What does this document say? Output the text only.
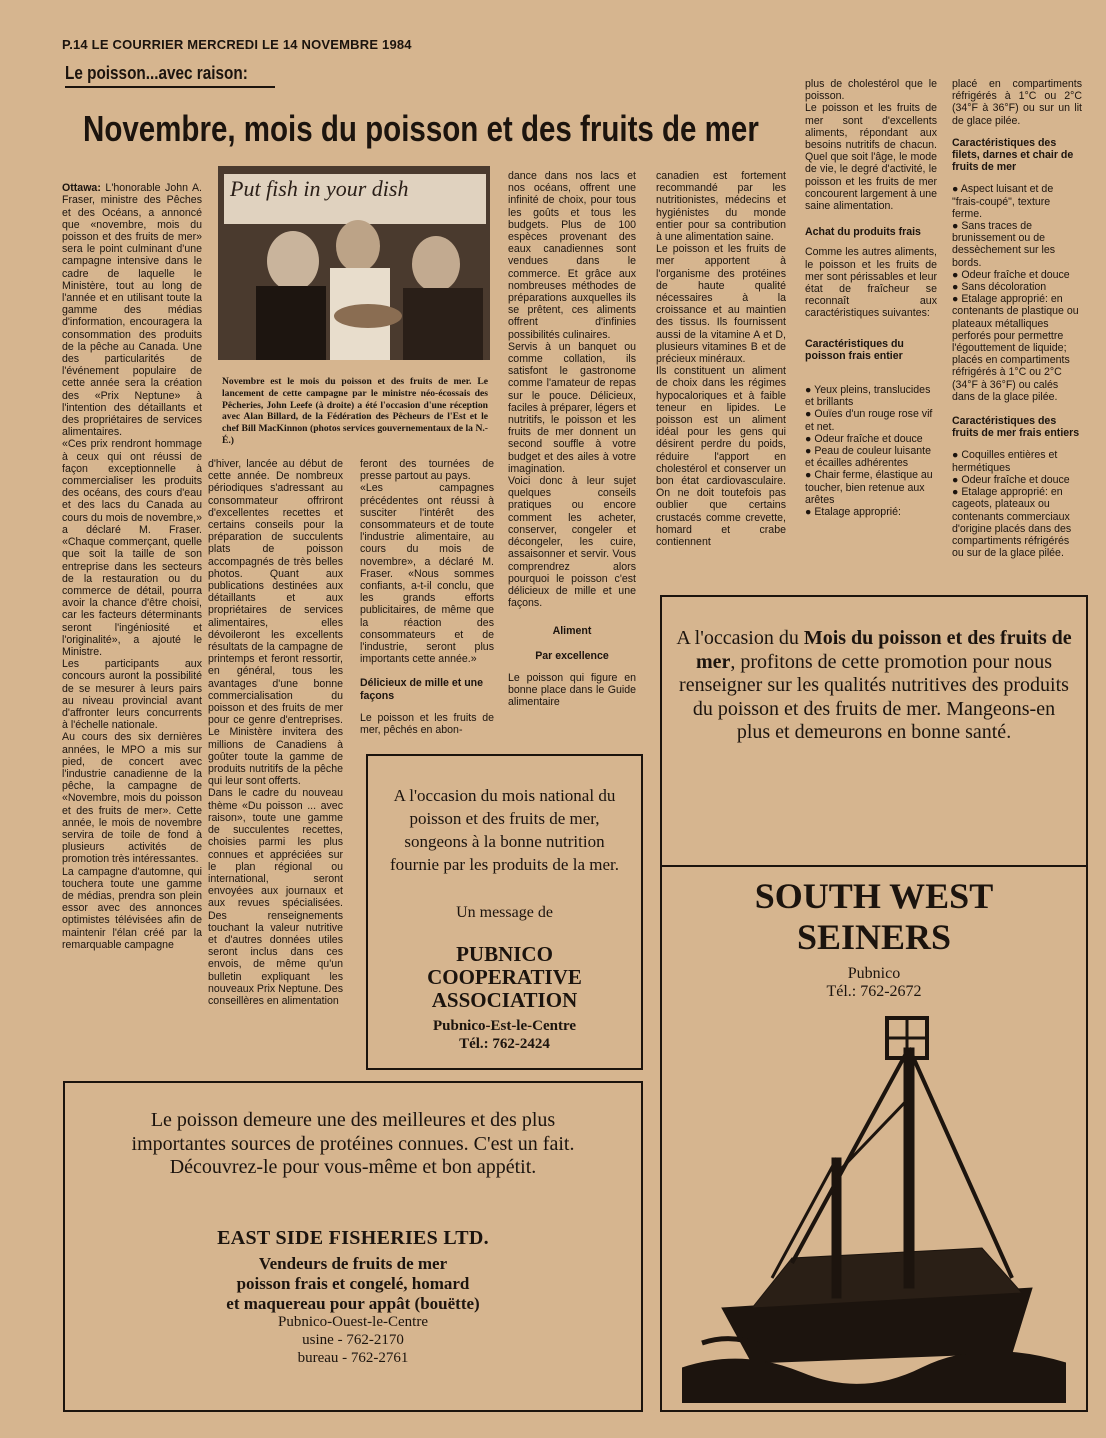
P.14 LE COURRIER MERCREDI LE 14 NOVEMBRE 1984
Le poisson...avec raison:
Novembre, mois du poisson et des fruits de mer
Put fish in your dish
Novembre est le mois du poisson et des fruits de mer. Le lancement de cette campagne par le ministre néo-écossais des Pêcheries, John Leefe (à droite) a été l'occasion d'une réception avec Alan Billard, de la Fédération des Pêcheurs de l'Est et le chef Bill MacKinnon (photos services gouvernementaux de la N.-É.)

Ottawa: L'honorable John A. Fraser, ministre des Pêches et des Océans, a annoncé que «novembre, mois du poisson et des fruits de mer» sera le point culminant d'une campagne intensive dans le cadre de laquelle le Ministère, tout au long de l'année et en utilisant toute la gamme des médias d'information, encouragera la consommation des produits de la pêche au Canada. Une des particularités de l'événement populaire de cette année sera la création des «Prix Neptune» à l'intention des détaillants et des propriétaires de services alimentaires.
«Ces prix rendront hommage à ceux qui ont réussi de façon exceptionnelle à commercialiser les produits des océans, des cours d'eau et des lacs du Canada au cours du mois de novembre,» a déclaré M. Fraser. «Chaque commerçant, quelle que soit la taille de son entreprise dans les secteurs de la restauration ou du commerce de détail, pourra avoir la chance d'être choisi, car les facteurs déterminants seront l'ingéniosité et l'originalité», a ajouté le Ministre.
Les participants aux concours auront la possibilité de se mesurer à leurs pairs au niveau provincial avant d'affronter leurs concurrents à l'échelle nationale.
Au cours des six dernières années, le MPO a mis sur pied, de concert avec l'industrie canadienne de la pêche, la campagne de «Novembre, mois du poisson et des fruits de mer». Cette année, le mois de novembre servira de toile de fond à plusieurs activités de promotion très intéressantes.
La campagne d'automne, qui touchera toute une gamme de médias, prendra son plein essor avec des annonces optimistes télévisées afin de maintenir l'élan créé par la remarquable campagne

d'hiver, lancée au début de cette année. De nombreux périodiques s'adressant au consommateur offriront d'excellentes recettes et certains conseils pour la préparation de succulents plats de poisson accompagnés de très belles photos. Quant aux publications destinées aux détaillants et aux propriétaires de services alimentaires, elles dévoileront les excellents résultats de la campagne de printemps et feront ressortir, en général, tous les avantages d'une bonne commercialisation du poisson et des fruits de mer pour ce genre d'entreprises. Le Ministère invitera des millions de Canadiens à goûter toute la gamme de produits nutritifs de la pêche qui leur sont offerts.
Dans le cadre du nouveau thème «Du poisson ... avec raison», toute une gamme de succulentes recettes, choisies parmi les plus connues et appréciées sur le plan régional ou international, seront envoyées aux journaux et aux revues spécialisées. Des renseignements touchant la valeur nutritive et d'autres données utiles seront inclus dans ces envois, de même qu'un bulletin expliquant les nouveaux Prix Neptune. Des conseillères en alimentation
feront des tournées de presse partout au pays.
«Les campagnes précédentes ont réussi à susciter l'intérêt des consommateurs et de toute l'industrie alimentaire, au cours du mois de novembre», a déclaré M. Fraser. «Nous sommes confiants, a-t-il conclu, que les grands efforts publicitaires, de même que la réaction des consommateurs et de l'industrie, seront plus importants cette année.»
Délicieux de mille et une façons
Le poisson et les fruits de mer, pêchés en abon-
dance dans nos lacs et nos océans, offrent une infinité de choix, pour tous les goûts et tous les budgets. Plus de 100 espèces provenant des eaux canadiennes sont vendues dans le commerce. Et grâce aux nombreuses méthodes de préparations auxquelles ils se prêtent, ces aliments offrent d'infinies possibilités culinaires.
Servis à un banquet ou comme collation, ils satisfont le gastronome comme l'amateur de repas sur le pouce. Délicieux, faciles à préparer, légers et nutritifs, le poisson et les fruits de mer donnent un second souffle à votre budget et des ailes à votre imagination.
Voici donc à leur sujet quelques conseils pratiques ou encore comment les acheter, conserver, congeler et décongeler, les cuire, assaisonner et servir. Vous comprendrez alors pourquoi le poisson c'est délicieux de mille et une façons.
Aliment
Par excellence
Le poisson qui figure en bonne place dans le Guide alimentaire
canadien est fortement recommandé par les nutritionistes, médecins et hygiénistes du monde entier pour sa contribution à une alimentation saine.
Le poisson et les fruits de mer apportent à l'organisme des protéines de haute qualité nécessaires à la croissance et au maintien des tissus. Ils fournissent aussi de la vitamine A et D, plusieurs vitamines B et de précieux minéraux.
Ils constituent un aliment de choix dans les régimes hypocaloriques et à faible teneur en lipides. Le poisson est un aliment idéal pour les gens qui désirent perdre du poids, réduire l'apport en cholestérol et conserver un bon état cardiovasculaire. On ne doit toutefois pas oublier que certains crustacés comme crevette, homard et crabe contiennent
plus de cholestérol que le poisson.
Le poisson et les fruits de mer sont d'excellents aliments, répondant aux besoins nutritifs de chacun. Quel que soit l'âge, le mode de vie, le degré d'activité, le poisson et les fruits de mer concourent largement à une saine alimentation.
Achat du produits frais
Comme les autres aliments, le poisson et les fruits de mer sont périssables et leur état de fraîcheur se reconnaît aux caractéristiques suivantes:
Caractéristiques du poisson frais entier
● Yeux pleins, translucides et brillants
● Ouïes d'un rouge rose vif et net.
● Odeur fraîche et douce
● Peau de couleur luisante et écailles adhérentes
● Chair ferme, élastique au toucher, bien retenue aux arêtes
● Etalage approprié:
placé en compartiments réfrigérés à 1°C ou 2°C (34°F à 36°F) ou sur un lit de glace pilée.
Caractéristiques des filets, darnes et chair de fruits de mer
● Aspect luisant et de "frais-coupé", texture ferme.
● Sans traces de brunissement ou de dessèchement sur les bords.
● Odeur fraîche et douce
● Sans décoloration
● Etalage approprié: en contenants de plastique ou plateaux métalliques perforés pour permettre l'égouttement de liquide; placés en compartiments réfrigérés à 1°C ou 2°C (34°F à 36°F) ou calés dans de la glace pilée.
Caractéristiques des fruits de mer frais entiers
● Coquilles entières et hermétiques
● Odeur fraîche et douce
● Etalage approprié: en cageots, plateaux ou contenants commerciaux d'origine placés dans des compartiments réfrigérés ou sur de la glace pilée.
A l'occasion du mois national du poisson et des fruits de mer, songeons à la bonne nutrition fournie par les produits de la mer.
Un message de
PUBNICO
COOPERATIVE
ASSOCIATION
Pubnico-Est-le-Centre
Tél.: 762-2424
A l'occasion du Mois du poisson et des fruits de mer, profitons de cette promotion pour nous renseigner sur les qualités nutritives des produits du poisson et des fruits de mer. Mangeons-en plus et demeurons en bonne santé.
SOUTH WEST
SEINERS
Pubnico
Tél.: 762-2672
Le poisson demeure une des meilleures et des plus importantes sources de protéines connues. C'est un fait. Découvrez-le pour vous-même et bon appétit.
EAST SIDE FISHERIES LTD.
Vendeurs de fruits de mer
poisson frais et congelé, homard
et maquereau pour appât (bouëtte)
Pubnico-Ouest-le-Centre
usine - 762-2170
bureau - 762-2761
